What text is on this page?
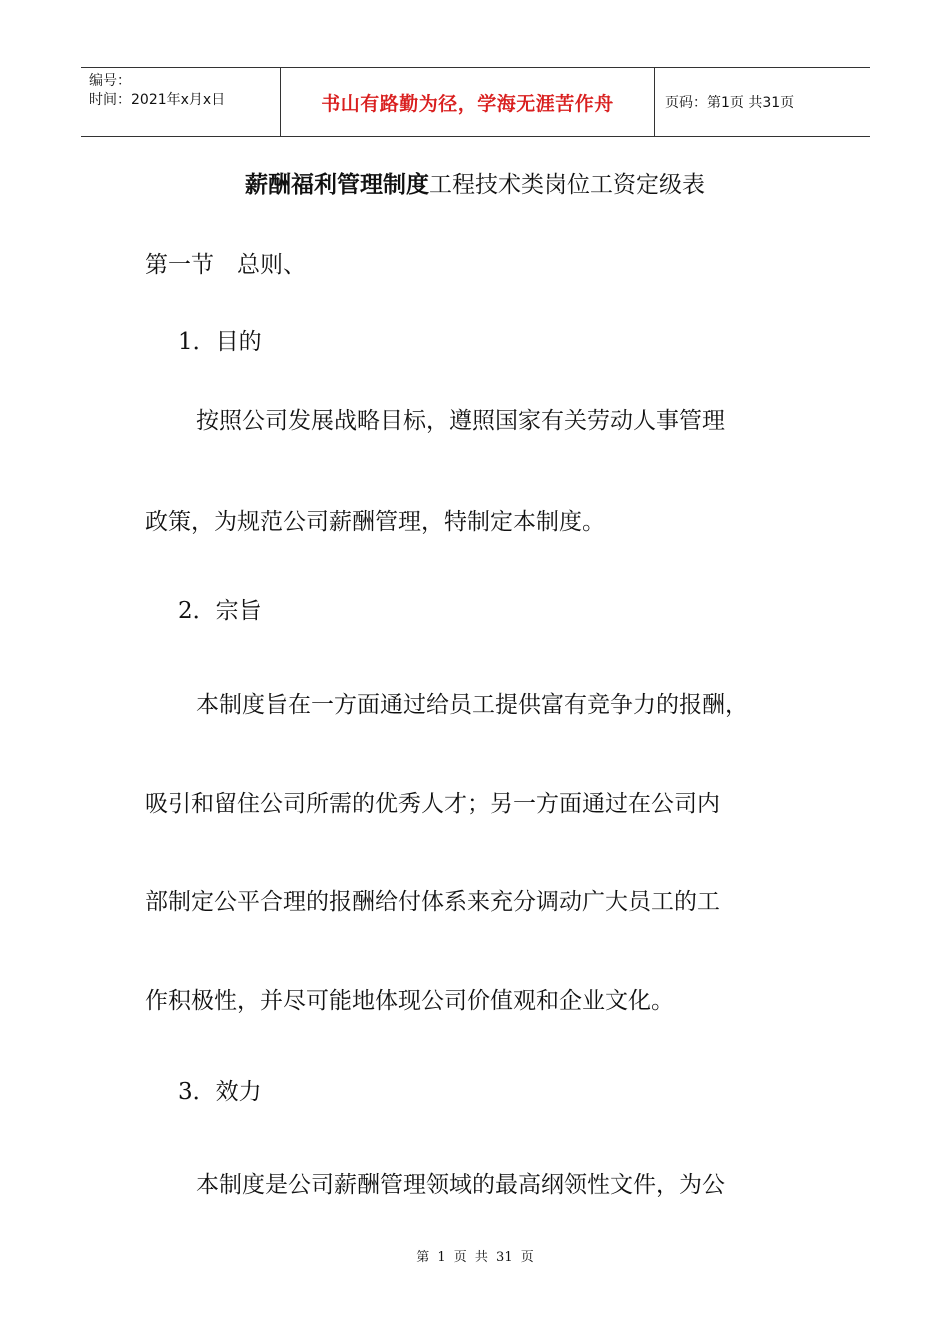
编号：
时间：2021年x月x日	书山有路勤为径，学海无涯苦作舟	页码：第1页 共31页
薪酬福利管理制度工程技术类岗位工资定级表
第一节　总则、
1．目的
按照公司发展战略目标，遵照国家有关劳动人事管理
政策，为规范公司薪酬管理，特制定本制度。
2．宗旨
本制度旨在一方面通过给员工提供富有竞争力的报酬，
吸引和留住公司所需的优秀人才；另一方面通过在公司内
部制定公平合理的报酬给付体系来充分调动广大员工的工
作积极性，并尽可能地体现公司价值观和企业文化。
3．效力
本制度是公司薪酬管理领域的最高纲领性文件，为公
第 1 页 共 31 页
